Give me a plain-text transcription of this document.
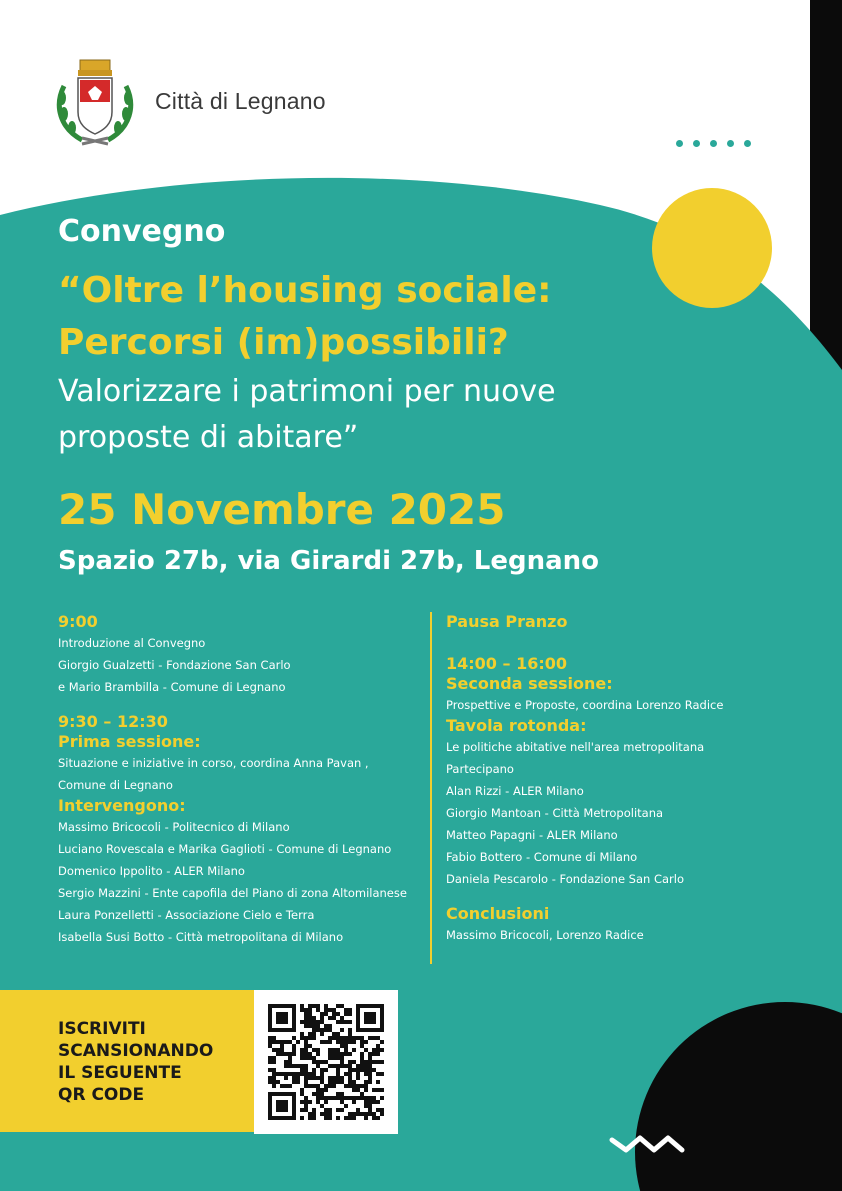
Città di Legnano
Convegno
“Oltre l’housing sociale:
Percorsi (im)possibili?
Valorizzare i patrimoni per nuove
proposte di abitare”
25 Novembre 2025
Spazio 27b, via Girardi 27b, Legnano
9:00
Introduzione al Convegno
Giorgio Gualzetti - Fondazione San Carlo
e Mario Brambilla - Comune di Legnano
9:30 – 12:30
Prima sessione:
Situazione e iniziative in corso, coordina Anna Pavan ,
Comune di Legnano
Intervengono:
Massimo Bricocoli - Politecnico di Milano
Luciano Rovescala e Marika Gaglioti - Comune di Legnano
Domenico Ippolito - ALER Milano
Sergio Mazzini - Ente capofila del Piano di zona Altomilanese
Laura Ponzelletti - Associazione Cielo e Terra
Isabella Susi Botto - Città metropolitana di Milano
Pausa Pranzo
14:00 – 16:00
Seconda sessione:
Prospettive e Proposte, coordina Lorenzo Radice
Tavola rotonda:
Le politiche abitative nell'area metropolitana
Partecipano
Alan Rizzi - ALER Milano
Giorgio Mantoan - Città Metropolitana
Matteo Papagni - ALER Milano
Fabio Bottero - Comune di Milano
Daniela Pescarolo - Fondazione San Carlo
Conclusioni
Massimo Bricocoli, Lorenzo Radice
ISCRIVITI
SCANSIONANDO
IL SEGUENTE
QR CODE
